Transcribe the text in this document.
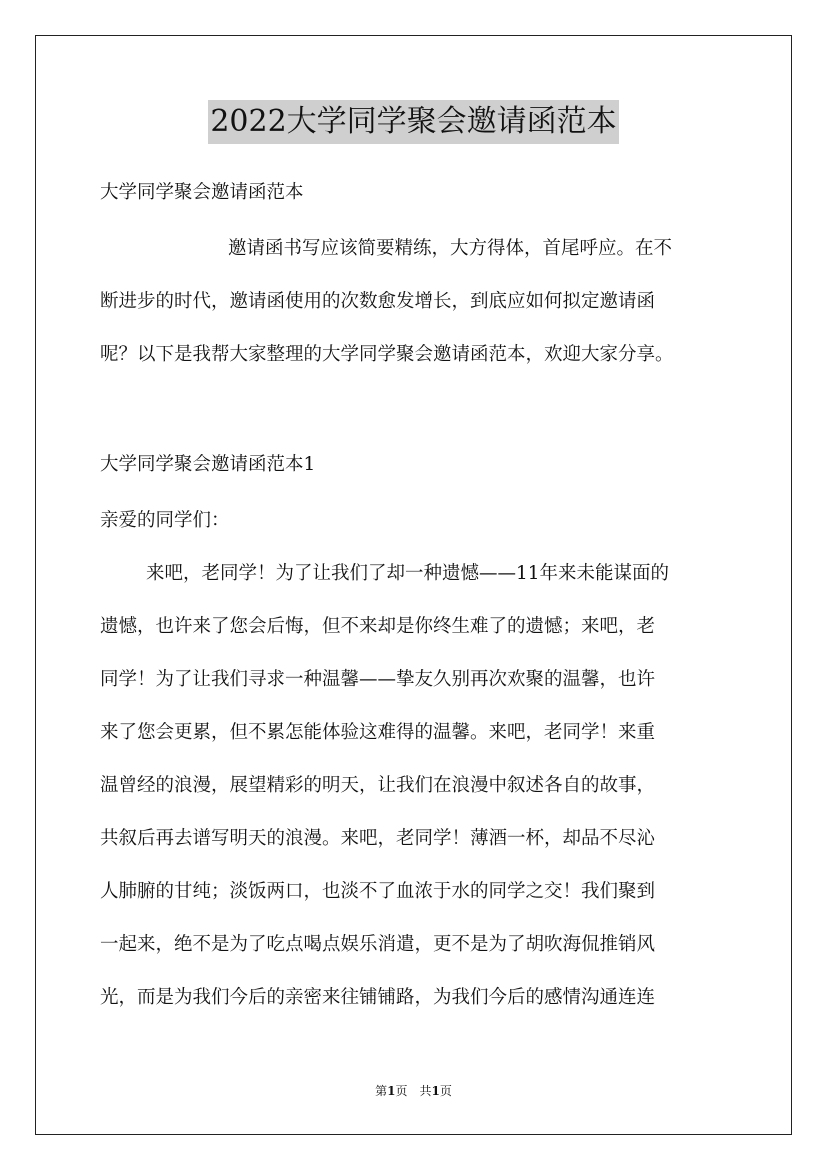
2022大学同学聚会邀请函范本
大学同学聚会邀请函范本
邀请函书写应该简要精练，大方得体，首尾呼应。在不
断进步的时代，邀请函使用的次数愈发增长，到底应如何拟定邀请函
呢？以下是我帮大家整理的大学同学聚会邀请函范本，欢迎大家分享。
大学同学聚会邀请函范本1
亲爱的同学们：
来吧，老同学！为了让我们了却一种遗憾——11年来未能谋面的
遗憾，也许来了您会后悔，但不来却是你终生难了的遗憾；来吧，老
同学！为了让我们寻求一种温馨——挚友久别再次欢聚的温馨，也许
来了您会更累，但不累怎能体验这难得的温馨。来吧，老同学！来重
温曾经的浪漫，展望精彩的明天，让我们在浪漫中叙述各自的故事，
共叙后再去谱写明天的浪漫。来吧，老同学！薄酒一杯，却品不尽沁
人肺腑的甘纯；淡饭两口，也淡不了血浓于水的同学之交！我们聚到
一起来，绝不是为了吃点喝点娱乐消遣，更不是为了胡吹海侃推销风
光，而是为我们今后的亲密来往铺铺路，为我们今后的感情沟通连连
第1页　共1页
